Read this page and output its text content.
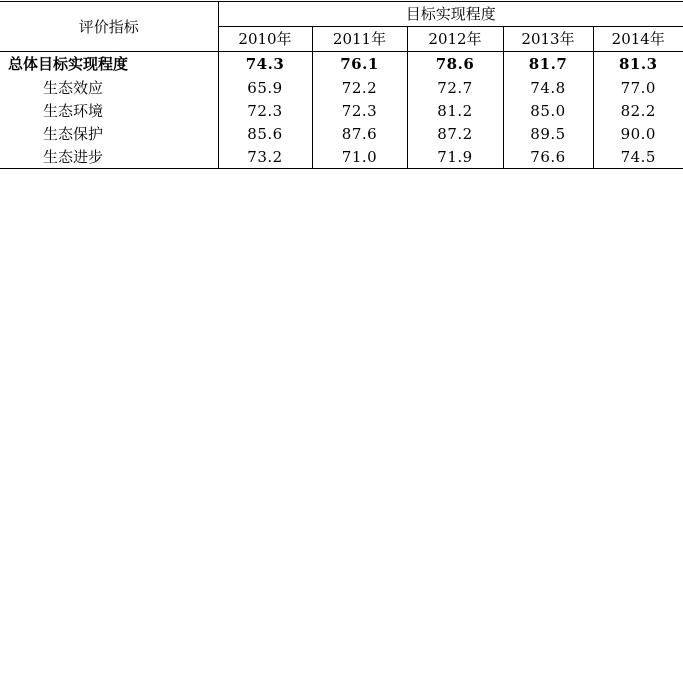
评价指标	目标实现程度				
	2010年	2011年	2012年	2013年	2014年
总体目标实现程度	74.3	76.1	78.6	81.7	81.3
生态效应	65.9	72.2	72.7	74.8	77.0
生态环境	72.3	72.3	81.2	85.0	82.2
生态保护	85.6	87.6	87.2	89.5	90.0
生态进步	73.2	71.0	71.9	76.6	74.5
